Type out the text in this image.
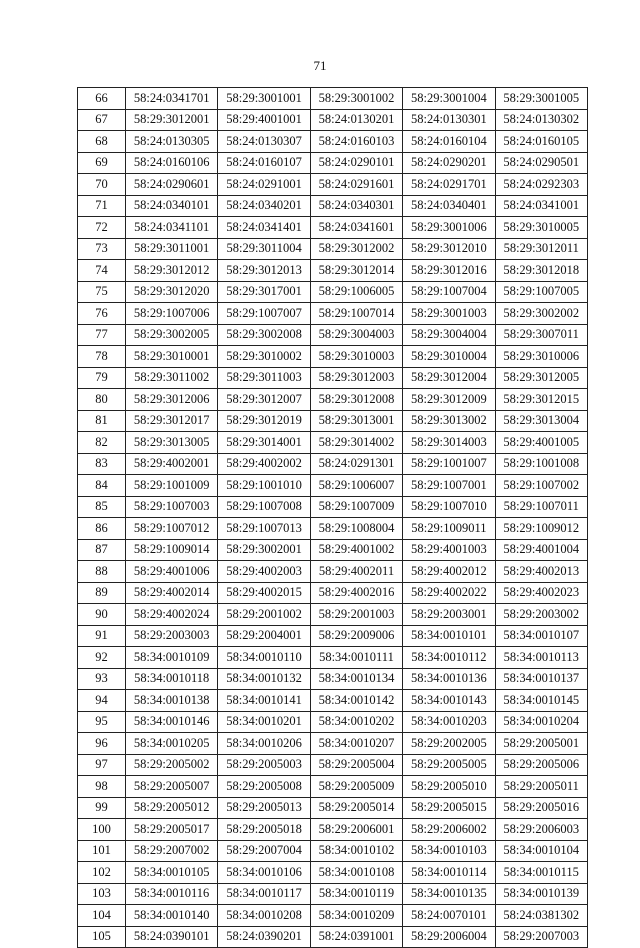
71
66	58:24:0341701	58:29:3001001	58:29:3001002	58:29:3001004	58:29:3001005
67	58:29:3012001	58:29:4001001	58:24:0130201	58:24:0130301	58:24:0130302
68	58:24:0130305	58:24:0130307	58:24:0160103	58:24:0160104	58:24:0160105
69	58:24:0160106	58:24:0160107	58:24:0290101	58:24:0290201	58:24:0290501
70	58:24:0290601	58:24:0291001	58:24:0291601	58:24:0291701	58:24:0292303
71	58:24:0340101	58:24:0340201	58:24:0340301	58:24:0340401	58:24:0341001
72	58:24:0341101	58:24:0341401	58:24:0341601	58:29:3001006	58:29:3010005
73	58:29:3011001	58:29:3011004	58:29:3012002	58:29:3012010	58:29:3012011
74	58:29:3012012	58:29:3012013	58:29:3012014	58:29:3012016	58:29:3012018
75	58:29:3012020	58:29:3017001	58:29:1006005	58:29:1007004	58:29:1007005
76	58:29:1007006	58:29:1007007	58:29:1007014	58:29:3001003	58:29:3002002
77	58:29:3002005	58:29:3002008	58:29:3004003	58:29:3004004	58:29:3007011
78	58:29:3010001	58:29:3010002	58:29:3010003	58:29:3010004	58:29:3010006
79	58:29:3011002	58:29:3011003	58:29:3012003	58:29:3012004	58:29:3012005
80	58:29:3012006	58:29:3012007	58:29:3012008	58:29:3012009	58:29:3012015
81	58:29:3012017	58:29:3012019	58:29:3013001	58:29:3013002	58:29:3013004
82	58:29:3013005	58:29:3014001	58:29:3014002	58:29:3014003	58:29:4001005
83	58:29:4002001	58:29:4002002	58:24:0291301	58:29:1001007	58:29:1001008
84	58:29:1001009	58:29:1001010	58:29:1006007	58:29:1007001	58:29:1007002
85	58:29:1007003	58:29:1007008	58:29:1007009	58:29:1007010	58:29:1007011
86	58:29:1007012	58:29:1007013	58:29:1008004	58:29:1009011	58:29:1009012
87	58:29:1009014	58:29:3002001	58:29:4001002	58:29:4001003	58:29:4001004
88	58:29:4001006	58:29:4002003	58:29:4002011	58:29:4002012	58:29:4002013
89	58:29:4002014	58:29:4002015	58:29:4002016	58:29:4002022	58:29:4002023
90	58:29:4002024	58:29:2001002	58:29:2001003	58:29:2003001	58:29:2003002
91	58:29:2003003	58:29:2004001	58:29:2009006	58:34:0010101	58:34:0010107
92	58:34:0010109	58:34:0010110	58:34:0010111	58:34:0010112	58:34:0010113
93	58:34:0010118	58:34:0010132	58:34:0010134	58:34:0010136	58:34:0010137
94	58:34:0010138	58:34:0010141	58:34:0010142	58:34:0010143	58:34:0010145
95	58:34:0010146	58:34:0010201	58:34:0010202	58:34:0010203	58:34:0010204
96	58:34:0010205	58:34:0010206	58:34:0010207	58:29:2002005	58:29:2005001
97	58:29:2005002	58:29:2005003	58:29:2005004	58:29:2005005	58:29:2005006
98	58:29:2005007	58:29:2005008	58:29:2005009	58:29:2005010	58:29:2005011
99	58:29:2005012	58:29:2005013	58:29:2005014	58:29:2005015	58:29:2005016
100	58:29:2005017	58:29:2005018	58:29:2006001	58:29:2006002	58:29:2006003
101	58:29:2007002	58:29:2007004	58:34:0010102	58:34:0010103	58:34:0010104
102	58:34:0010105	58:34:0010106	58:34:0010108	58:34:0010114	58:34:0010115
103	58:34:0010116	58:34:0010117	58:34:0010119	58:34:0010135	58:34:0010139
104	58:34:0010140	58:34:0010208	58:34:0010209	58:24:0070101	58:24:0381302
105	58:24:0390101	58:24:0390201	58:24:0391001	58:29:2006004	58:29:2007003
